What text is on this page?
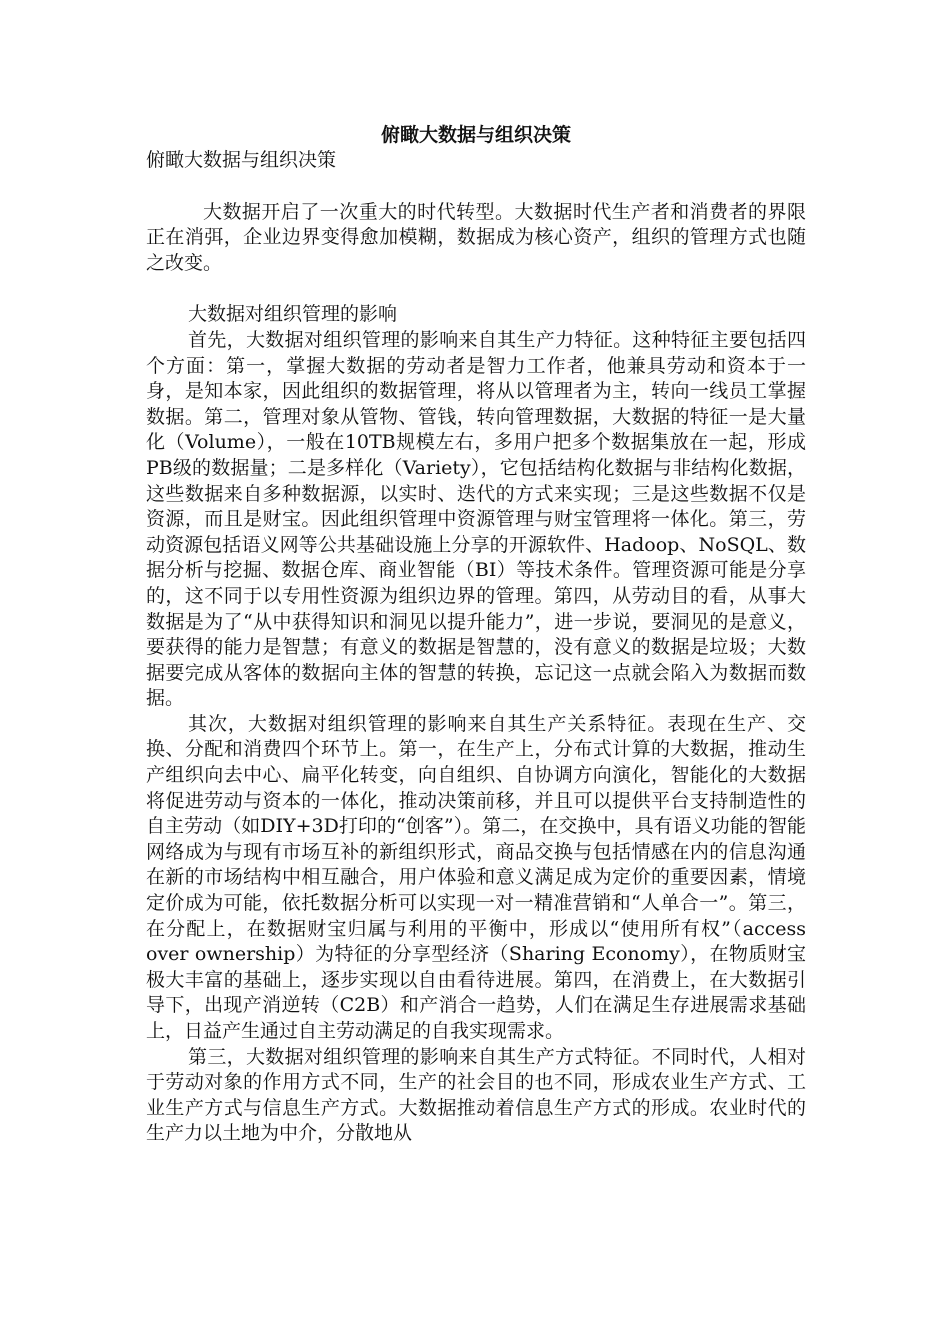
俯瞰大数据与组织决策
俯瞰大数据与组织决策

大数据开启了一次重大的时代转型。大数据时代生产者和消费者的界限正在消弭，企业边界变得愈加模糊，数据成为核心资产，组织的管理方式也随之改变。

大数据对组织管理的影响

首先，大数据对组织管理的影响来自其生产力特征。这种特征主要包括四个方面：第一，掌握大数据的劳动者是智力工作者，他兼具劳动和资本于一身，是知本家，因此组织的数据管理，将从以管理者为主，转向一线员工掌握数据。第二，管理对象从管物、管钱，转向管理数据，大数据的特征一是大量化（Volume），一般在10TB规模左右，多用户把多个数据集放在一起，形成PB级的数据量；二是多样化（Variety），它包括结构化数据与非结构化数据，这些数据来自多种数据源，以实时、迭代的方式来实现；三是这些数据不仅是资源，而且是财宝。因此组织管理中资源管理与财宝管理将一体化。第三，劳动资源包括语义网等公共基础设施上分享的开源软件、Hadoop、NoSQL、数据分析与挖掘、数据仓库、商业智能（BI）等技术条件。管理资源可能是分享的，这不同于以专用性资源为组织边界的管理。第四，从劳动目的看，从事大数据是为了“从中获得知识和洞见以提升能力”，进一步说，要洞见的是意义，要获得的能力是智慧；有意义的数据是智慧的，没有意义的数据是垃圾；大数据要完成从客体的数据向主体的智慧的转换，忘记这一点就会陷入为数据而数据。

其次，大数据对组织管理的影响来自其生产关系特征。表现在生产、交换、分配和消费四个环节上。第一，在生产上，分布式计算的大数据，推动生产组织向去中心、扁平化转变，向自组织、自协调方向演化，智能化的大数据将促进劳动与资本的一体化，推动决策前移，并且可以提供平台支持制造性的自主劳动（如DIY+3D打印的“创客”）。第二，在交换中，具有语义功能的智能网络成为与现有市场互补的新组织形式，商品交换与包括情感在内的信息沟通在新的市场结构中相互融合，用户体验和意义满足成为定价的重要因素，情境定价成为可能，依托数据分析可以实现一对一精准营销和“人单合一”。第三，在分配上，在数据财宝归属与利用的平衡中，形成以“使用所有权”（access over ownership）为特征的分享型经济（Sharing Economy），在物质财宝极大丰富的基础上，逐步实现以自由看待进展。第四，在消费上，在大数据引导下，出现产消逆转（C2B）和产消合一趋势，人们在满足生存进展需求基础上，日益产生通过自主劳动满足的自我实现需求。

第三，大数据对组织管理的影响来自其生产方式特征。不同时代，人相对于劳动对象的作用方式不同，生产的社会目的也不同，形成农业生产方式、工业生产方式与信息生产方式。大数据推动着信息生产方式的形成。农业时代的生产力以土地为中介，分散地从
